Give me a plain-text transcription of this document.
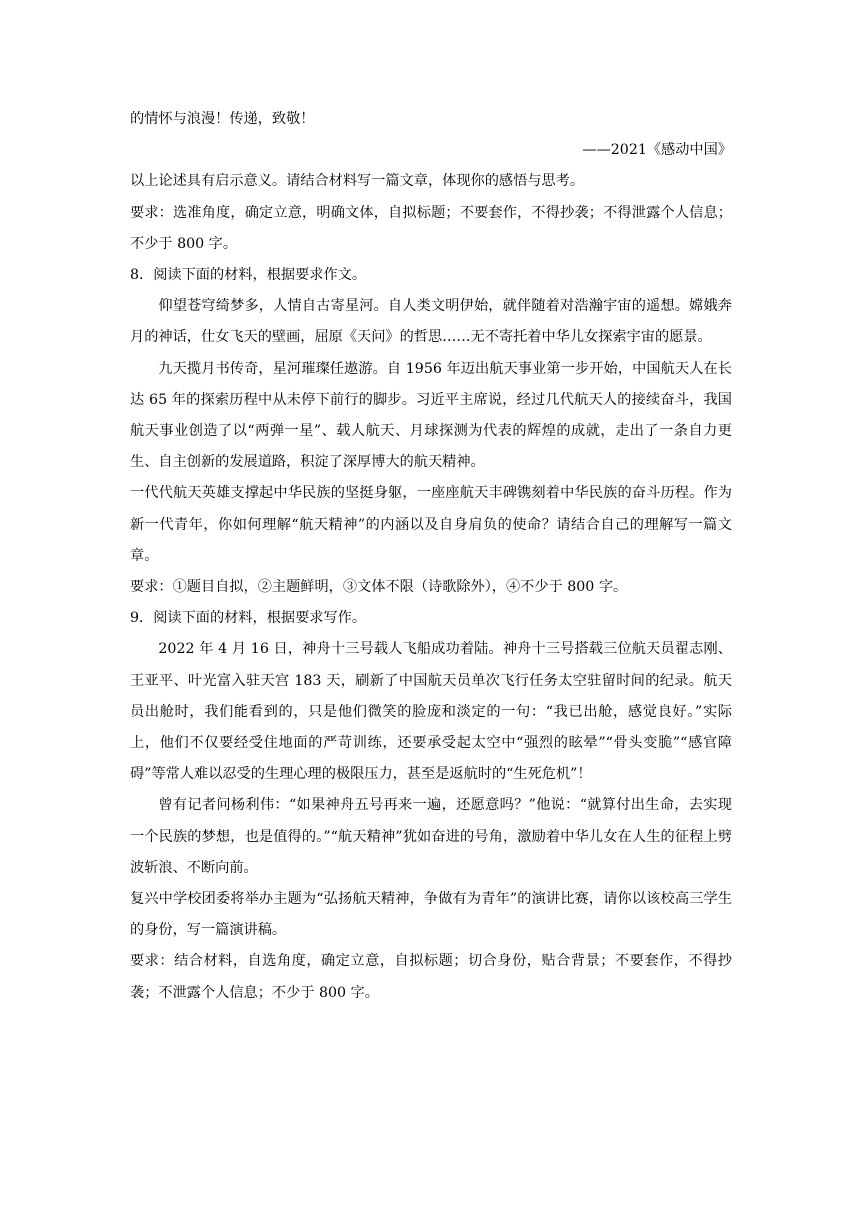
的情怀与浪漫！传递，致敬！

——2021《感动中国》

以上论述具有启示意义。请结合材料写一篇文章，体现你的感悟与思考。

要求：选准角度，确定立意，明确文体，自拟标题；不要套作，不得抄袭；不得泄露个人信息；不少于 800 字。

8．阅读下面的材料，根据要求作文。

仰望苍穹绮梦多，人情自古寄星河。自人类文明伊始，就伴随着对浩瀚宇宙的遥想。嫦娥奔月的神话，仕女飞天的壁画，屈原《天问》的哲思……无不寄托着中华儿女探索宇宙的愿景。

九天揽月书传奇，星河璀璨任遨游。自 1956 年迈出航天事业第一步开始，中国航天人在长达 65 年的探索历程中从未停下前行的脚步。习近平主席说，经过几代航天人的接续奋斗，我国航天事业创造了以“两弹一星”、载人航天、月球探测为代表的辉煌的成就，走出了一条自力更生、自主创新的发展道路，积淀了深厚博大的航天精神。

一代代航天英雄支撑起中华民族的坚挺身躯，一座座航天丰碑镌刻着中华民族的奋斗历程。作为新一代青年，你如何理解“航天精神”的内涵以及自身肩负的使命？请结合自己的理解写一篇文章。

要求：①题目自拟，②主题鲜明，③文体不限（诗歌除外），④不少于 800 字。

9．阅读下面的材料，根据要求写作。

2022 年 4 月 16 日，神舟十三号载人飞船成功着陆。神舟十三号搭载三位航天员翟志刚、王亚平、叶光富入驻天宫 183 天，刷新了中国航天员单次飞行任务太空驻留时间的纪录。航天员出舱时，我们能看到的，只是他们微笑的脸庞和淡定的一句：“我已出舱，感觉良好。”实际上，他们不仅要经受住地面的严苛训练，还要承受起太空中“强烈的眩晕”“骨头变脆”“感官障碍”等常人难以忍受的生理心理的极限压力，甚至是返航时的“生死危机”！

曾有记者问杨利伟：“如果神舟五号再来一遍，还愿意吗？”他说：“就算付出生命，去实现一个民族的梦想，也是值得的。”“航天精神”犹如奋进的号角，激励着中华儿女在人生的征程上劈波斩浪、不断向前。

复兴中学校团委将举办主题为“弘扬航天精神，争做有为青年”的演讲比赛，请你以该校高三学生的身份，写一篇演讲稿。

要求：结合材料，自选角度，确定立意，自拟标题；切合身份，贴合背景；不要套作，不得抄袭；不泄露个人信息；不少于 800 字。
